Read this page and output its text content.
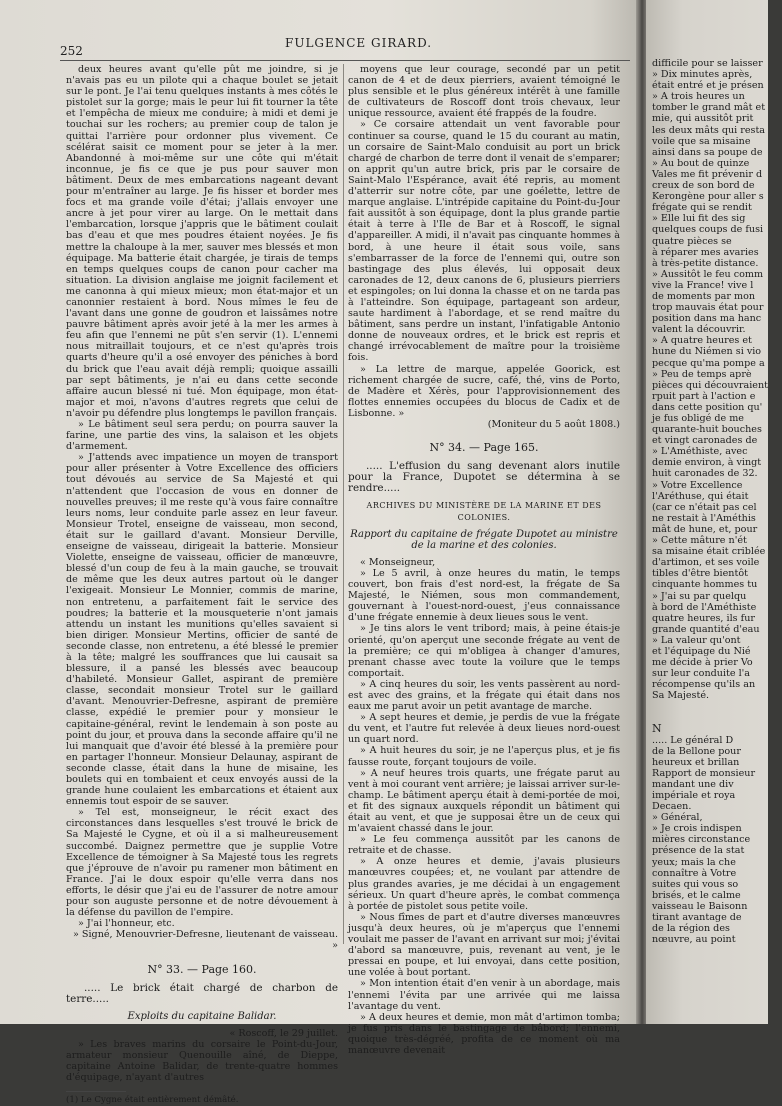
252
FULGENCE GIRARD.

deux heures avant qu'elle pût me joindre, si je n'avais pas eu un pilote qui a chaque boulet se jetait sur le pont. Je l'ai tenu quelques instants à mes côtés le pistolet sur la gorge; mais le peur lui fit tourner la tête et l'empêcha de mieux me conduire; à midi et demi je touchai sur les rochers; au premier coup de talon je quittai l'arrière pour ordonner plus vivement. Ce scélérat saisit ce moment pour se jeter à la mer. Abandonné à moi-même sur une côte qui m'était inconnue, je fis ce que je pus pour sauver mon bâtiment. Deux de mes embarcations nageant devant pour m'entraîner au large. Je fis hisser et border mes focs et ma grande voile d'étai; j'allais envoyer une ancre à jet pour virer au large. On le mettait dans l'embarcation, lorsque j'appris que le bâtiment coulait bas d'eau et que mes poudres étaient noyées. Je fis mettre la chaloupe à la mer, sauver mes blessés et mon équipage. Ma batterie était chargée, je tirais de temps en temps quelques coups de canon pour cacher ma situation. La division anglaise me joignit facilement et me canonna à qui mieux mieux; mon état-major et un canonnier restaient à bord. Nous mîmes le feu de l'avant dans une gonne de goudron et laissâmes notre pauvre bâtiment après avoir jeté à la mer les armes à feu afin que l'ennemi ne pût s'en servir (1). L'ennemi nous mitraillait toujours, et ce n'est qu'après trois quarts d'heure qu'il a osé envoyer des péniches à bord du brick que l'eau avait déjà rempli; quoique assailli par sept bâtiments, je n'ai eu dans cette seconde affaire aucun blessé ni tué. Mon équipage, mon état-major et moi, n'avons d'autres regrets que celui de n'avoir pu défendre plus longtemps le pavillon français.

» Le bâtiment seul sera perdu; on pourra sauver la farine, une partie des vins, la salaison et les objets d'armement.

» J'attends avec impatience un moyen de transport pour aller présenter à Votre Excellence des officiers tout dévoués au service de Sa Majesté et qui n'attendent que l'occasion de vous en donner de nouvelles preuves; il me reste qu'à vous faire connaître leurs noms, leur conduite parle assez en leur faveur. Monsieur Trotel, enseigne de vaisseau, mon second, était sur le gaillard d'avant. Monsieur Derville, enseigne de vaisseau, dirigeait la batterie. Monsieur Violette, enseigne de vaisseau, officier de manœuvre, blessé d'un coup de feu à la main gauche, se trouvait de même que les deux autres partout où le danger l'exigeait. Monsieur Le Monnier, commis de marine, non entretenu, a parfaitement fait le service des poudres; la batterie et la mousqueterie n'ont jamais attendu un instant les munitions qu'elles savaient si bien diriger. Monsieur Mertins, officier de santé de seconde classe, non entretenu, a été blessé le premier à la tête; malgré les souffrances que lui causait sa blessure, il a pansé les blessés avec beaucoup d'habileté. Monsieur Gallet, aspirant de première classe, secondait monsieur Trotel sur le gaillard d'avant. Menouvrier-Defresne, aspirant de première classe, expédié le premier pour y monsieur le capitaine-général, revint le lendemain à son poste au point du jour, et prouva dans la seconde affaire qu'il ne lui manquait que d'avoir été blessé à la première pour en partager l'honneur. Monsieur Delaunay, aspirant de seconde classe, était dans la hune de misaine, les boulets qui en tombaient et ceux envoyés aussi de la grande hune coulaient les embarcations et étaient aux ennemis tout espoir de se sauver.

» Tel est, monseigneur, le récit exact des circonstances dans lesquelles s'est trouvé le brick de Sa Majesté le Cygne, et où il a si malheureusement succombé. Daignez permettre que je supplie Votre Excellence de témoigner à Sa Majesté tous les regrets que j'éprouve de n'avoir pu ramener mon bâtiment en France. J'ai le doux espoir qu'elle verra dans nos efforts, le désir que j'ai eu de l'assurer de notre amour pour son auguste personne et de notre dévouement à la défense du pavillon de l'empire.

» J'ai l'honneur, etc.

» Signé, Menouvrier-Defresne, lieutenant de vaisseau. »

N° 33. — Page 160.

..... Le brick était chargé de charbon de terre.....

Exploits du capitaine Balidar.

« Roscoff, le 29 juillet.

» Les braves marins du corsaire le Point-du-Jour, armateur monsieur Quenouille aîné, de Dieppe, capitaine Antoine Balidar, de trente-quatre hommes d'équipage, n'ayant d'autres

(1) Le Cygne était entièrement démâté.

moyens que leur courage, secondé par un petit canon de 4 et de deux pierriers, avaient témoigné le plus sensible et le plus généreux intérêt à une famille de cultivateurs de Roscoff dont trois chevaux, leur unique ressource, avaient été frappés de la foudre.

» Ce corsaire attendait un vent favorable pour continuer sa course, quand le 15 du courant au matin, un corsaire de Saint-Malo conduisit au port un brick chargé de charbon de terre dont il venait de s'emparer; on apprit qu'un autre brick, pris par le corsaire de Saint-Malo l'Espérance, avait été repris, au moment d'atterrir sur notre côte, par une goélette, lettre de marque anglaise. L'intrépide capitaine du Point-du-Jour fait aussitôt à son équipage, dont la plus grande partie était à terre à l'Ile de Bar et à Roscoff, le signal d'appareiller. A midi, il n'avait pas cinquante hommes à bord, à une heure il était sous voile, sans s'embarrasser de la force de l'ennemi qui, outre son bastingage des plus élevés, lui opposait deux caronades de 12, deux canons de 6, plusieurs pierriers et espingoles; on lui donna la chasse et on ne tarda pas à l'atteindre. Son équipage, partageant son ardeur, saute hardiment à l'abordage, et se rend maître du bâtiment, sans perdre un instant, l'infatigable Antonio donne de nouveaux ordres, et le brick est repris et changé irrévocablement de maître pour la troisième fois.

» La lettre de marque, appelée Goorick, est richement chargée de sucre, café, thé, vins de Porto, de Madère et Xérès, pour l'approvisionnement des flottes ennemies occupées du blocus de Cadix et de Lisbonne. »

(Moniteur du 5 août 1808.)

N° 34. — Page 165.

..... L'effusion du sang devenant alors inutile pour la France, Dupotet se détermina à se rendre.....

ARCHIVES DU MINISTÈRE DE LA MARINE ET DES COLONIES.

Rapport du capitaine de frégate Dupotet au ministre de la marine et des colonies.

« Monseigneur,

» Le 5 avril, à onze heures du matin, le temps couvert, bon frais d'est nord-est, la frégate de Sa Majesté, le Niémen, sous mon commandement, gouvernant à l'ouest-nord-ouest, j'eus connaissance d'une frégate ennemie à deux lieues sous le vent.

» Je tins alors le vent tribord; mais, à peine étais-je orienté, qu'on aperçut une seconde frégate au vent de la première; ce qui m'obligea à changer d'amures, prenant chasse avec toute la voilure que le temps comportait.

» A cinq heures du soir, les vents passèrent au nord-est avec des grains, et la frégate qui était dans nos eaux me parut avoir un petit avantage de marche.

» A sept heures et demie, je perdis de vue la frégate du vent, et l'autre fut relevée à deux lieues nord-ouest un quart nord.

» A huit heures du soir, je ne l'aperçus plus, et je fis fausse route, forçant toujours de voile.

» A neuf heures trois quarts, une frégate parut au vent à moi courant vent arrière; je laissai arriver sur-le-champ. Le bâtiment aperçu était à demi-portée de moi, et fit des signaux auxquels répondit un bâtiment qui était au vent, et que je supposai être un de ceux qui m'avaient chassé dans le jour.

» Le feu commença aussitôt par les canons de retraite et de chasse.

» A onze heures et demie, j'avais plusieurs manœuvres coupées; et, ne voulant par attendre de plus grandes avaries, je me décidai à un engagement sérieux. Un quart d'heure après, le combat commença à portée de pistolet sous petite voile.

» Nous fîmes de part et d'autre diverses manœuvres jusqu'à deux heures, où je m'aperçus que l'ennemi voulait me passer de l'avant en arrivant sur moi; j'évitai d'abord sa manœuvre, puis, revenant au vent, je le pressai en poupe, et lui envoyai, dans cette position, une volée à bout portant.

» Mon intention était d'en venir à un abordage, mais l'ennemi l'évita par une arrivée qui me laissa l'avantage du vent.

» A deux heures et demie, mon mât d'artimon tomba; je fus pris dans le bastingage de bâbord; l'ennemi, quoique très-dégréé, profita de ce moment où ma manœuvre devenait

difficile pour se laisser
» Dix minutes après,
était entré et je présen
» A trois heures un
tomber le grand mât et
mie, qui aussitôt prit
les deux mâts qui resta
voile que sa misaine
ainsi dans sa poupe de
» Au bout de quinze
Vales me fit prévenir d
creux de son bord de
Kerongène pour aller s
frégate qui se rendit
» Elle lui fit des sig
quelques coups de fusi
quatre pièces se
à réparer mes avaries
à très-petite distance.
» Aussitôt le feu comm
vive la France! vive l
de moments par mon
trop mauvais état pour
position dans ma hanc
valent la découvrir.
» A quatre heures et
hune du Niémen si vio
pecque qu'ma pompe a
» Peu de temps aprè
pièces qui découvraient
rpuit part à l'action e
dans cette position qu'
je fus obligé de me
quarante-huit bouches
et vingt caronades de
» L'Améthiste, avec
demie environ, à vingt
huit caronades de 32.
» Votre Excellence
l'Aréthuse, qui était
(car ce n'était pas cel
ne restait à l'Améthis
mât de hune, et, pour
» Cette mâture n'ét
sa misaine était criblée
d'artimon, et ses voile
tibles d'être bientôt
cinquante hommes tu
» J'ai su par quelqu
à bord de l'Améthiste
quatre heures, ils fur
grande quantité d'eau
» La valeur qu'ont
et l'équipage du Nié
me décide à prier Vo
sur leur conduite l'a
récompense qu'ils an
Sa Majesté.
N
..... Le général D
de la Bellone pour
heureux et brillan
Rapport de monsieur
mandant une div
impériale et roya
Decaen.
» Général,
» Je crois indispen
mières circonstance
présence de la stat
yeux; mais la che
connaître à Votre
suites qui vous so
brisés, et le calme
vaisseau le Baisonn
tirant avantage de
de la région des
nœuvre, au point
